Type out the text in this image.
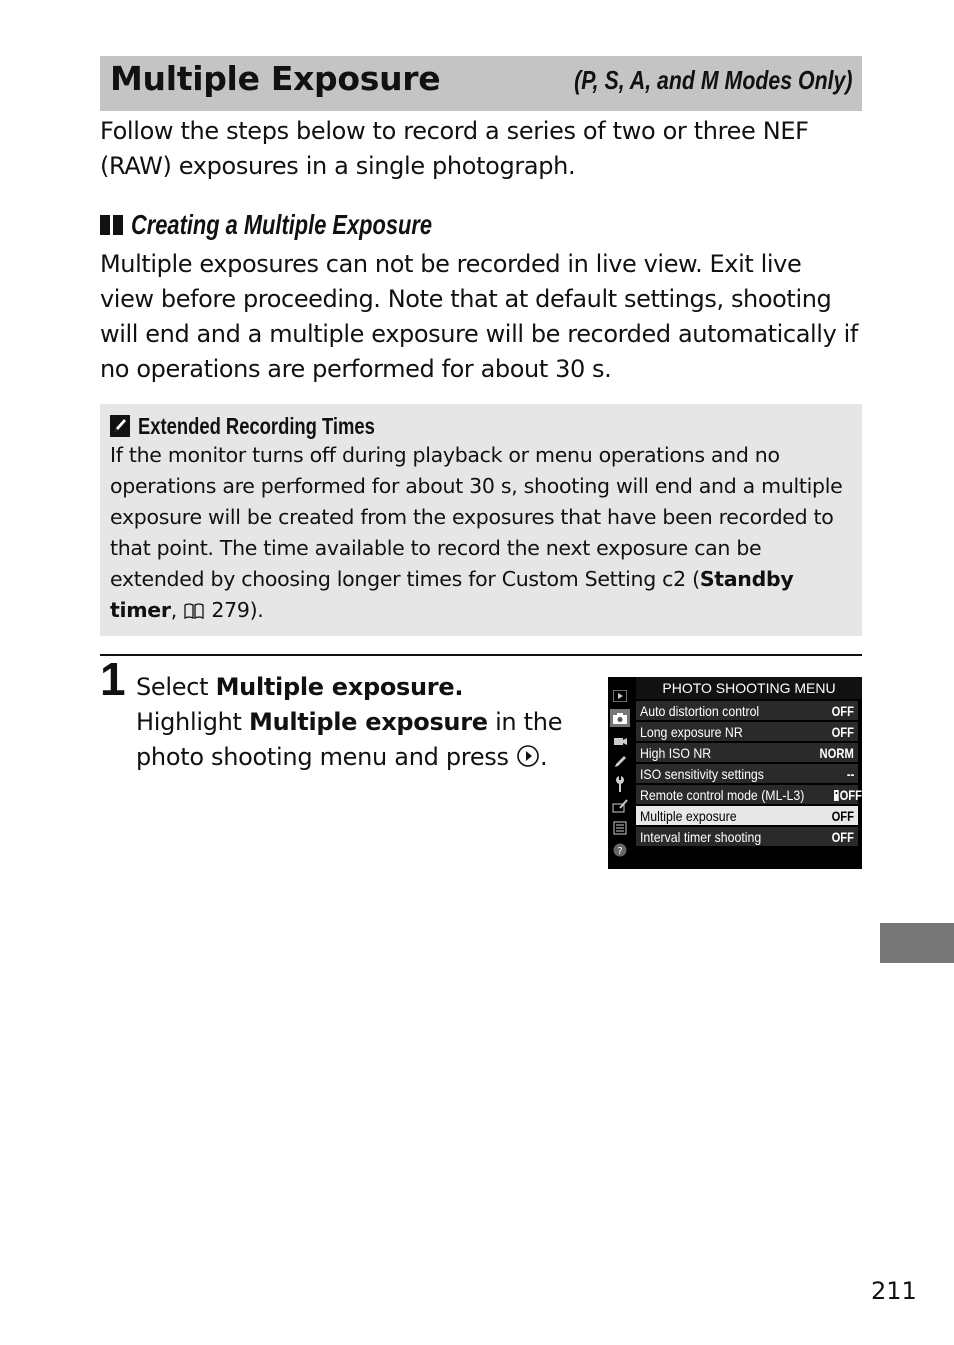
Multiple Exposure	(P, S, A, and M Modes Only)

Follow the steps below to record a series of two or three NEF (RAW) exposures in a single photograph.

Creating a Multiple Exposure

Multiple exposures can not be recorded in live view. Exit live view before proceeding. Note that at default settings, shooting will end and a multiple exposure will be recorded automatically if no operations are performed for about 30 s.

Extended Recording Times

If the monitor turns off during playback or menu operations and no operations are performed for about 30 s, shooting will end and a multiple exposure will be created from the exposures that have been recorded to that point. The time available to record the next exposure can be extended by choosing longer times for Custom Setting c2 (Standby timer,  279).

1 Select Multiple exposure.
Highlight Multiple exposure in the photo shooting menu and press .

PHOTO SHOOTING MENU
?
Auto distortion control	OFF
Long exposure NR	OFF
High ISO NR	NORM
ISO sensitivity settings	--
Remote control mode (ML-L3)	OFF
Multiple exposure	OFF
Interval timer shooting	OFF
211
